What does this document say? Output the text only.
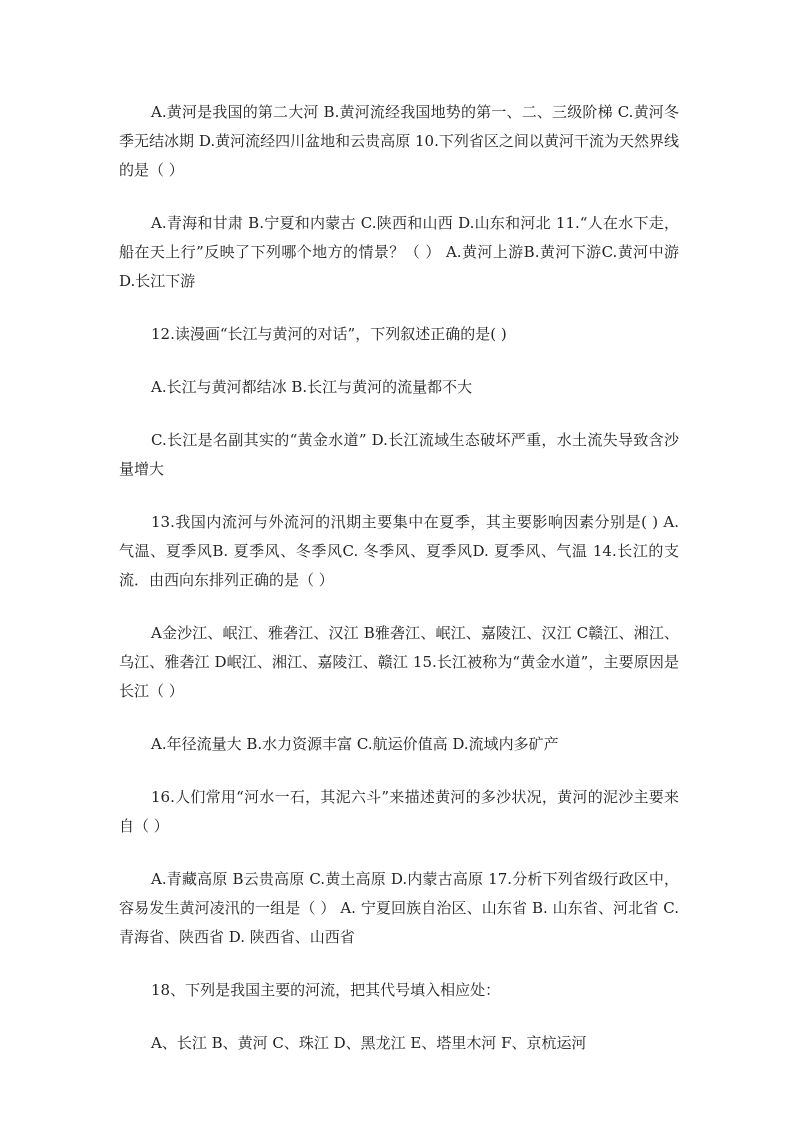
A.黄河是我国的第二大河 B.黄河流经我国地势的第一、二、三级阶梯 C.黄河冬季无结冰期 D.黄河流经四川盆地和云贵高原 10.下列省区之间以黄河干流为天然界线的是（ ）

A.青海和甘肃 B.宁夏和内蒙古 C.陕西和山西 D.山东和河北 11.“人在水下走，船在天上行”反映了下列哪个地方的情景？（ ） A.黄河上游B.黄河下游C.黄河中游 D.长江下游

12.读漫画“长江与黄河的对话”，下列叙述正确的是( )

A.长江与黄河都结冰 B.长江与黄河的流量都不大

C.长江是名副其实的“黄金水道” D.长江流域生态破坏严重，水土流失导致含沙量增大

13.我国内流河与外流河的汛期主要集中在夏季，其主要影响因素分别是( ) A. 气温、夏季风B. 夏季风、冬季风C. 冬季风、夏季风D. 夏季风、气温 14.长江的支流．由西向东排列正确的是（ ）

A金沙江、岷江、雅砻江、汉江 B雅砻江、岷江、嘉陵江、汉江 C赣江、湘江、乌江、雅砻江 D岷江、湘江、嘉陵江、赣江 15.长江被称为“黄金水道”，主要原因是长江（ ）

A.年径流量大 B.水力资源丰富 C.航运价值高 D.流域内多矿产

16.人们常用“河水一石，其泥六斗”来描述黄河的多沙状况，黄河的泥沙主要来自（ ）

A.青藏高原 B云贵高原 C.黄土高原 D.内蒙古高原 17.分析下列省级行政区中，容易发生黄河凌汛的一组是（ ） A. 宁夏回族自治区、山东省 B. 山东省、河北省 C. 青海省、陕西省 D. 陕西省、山西省

18、下列是我国主要的河流，把其代号填入相应处：

A、长江 B、黄河 C、珠江 D、黑龙江 E、塔里木河 F、京杭运河
